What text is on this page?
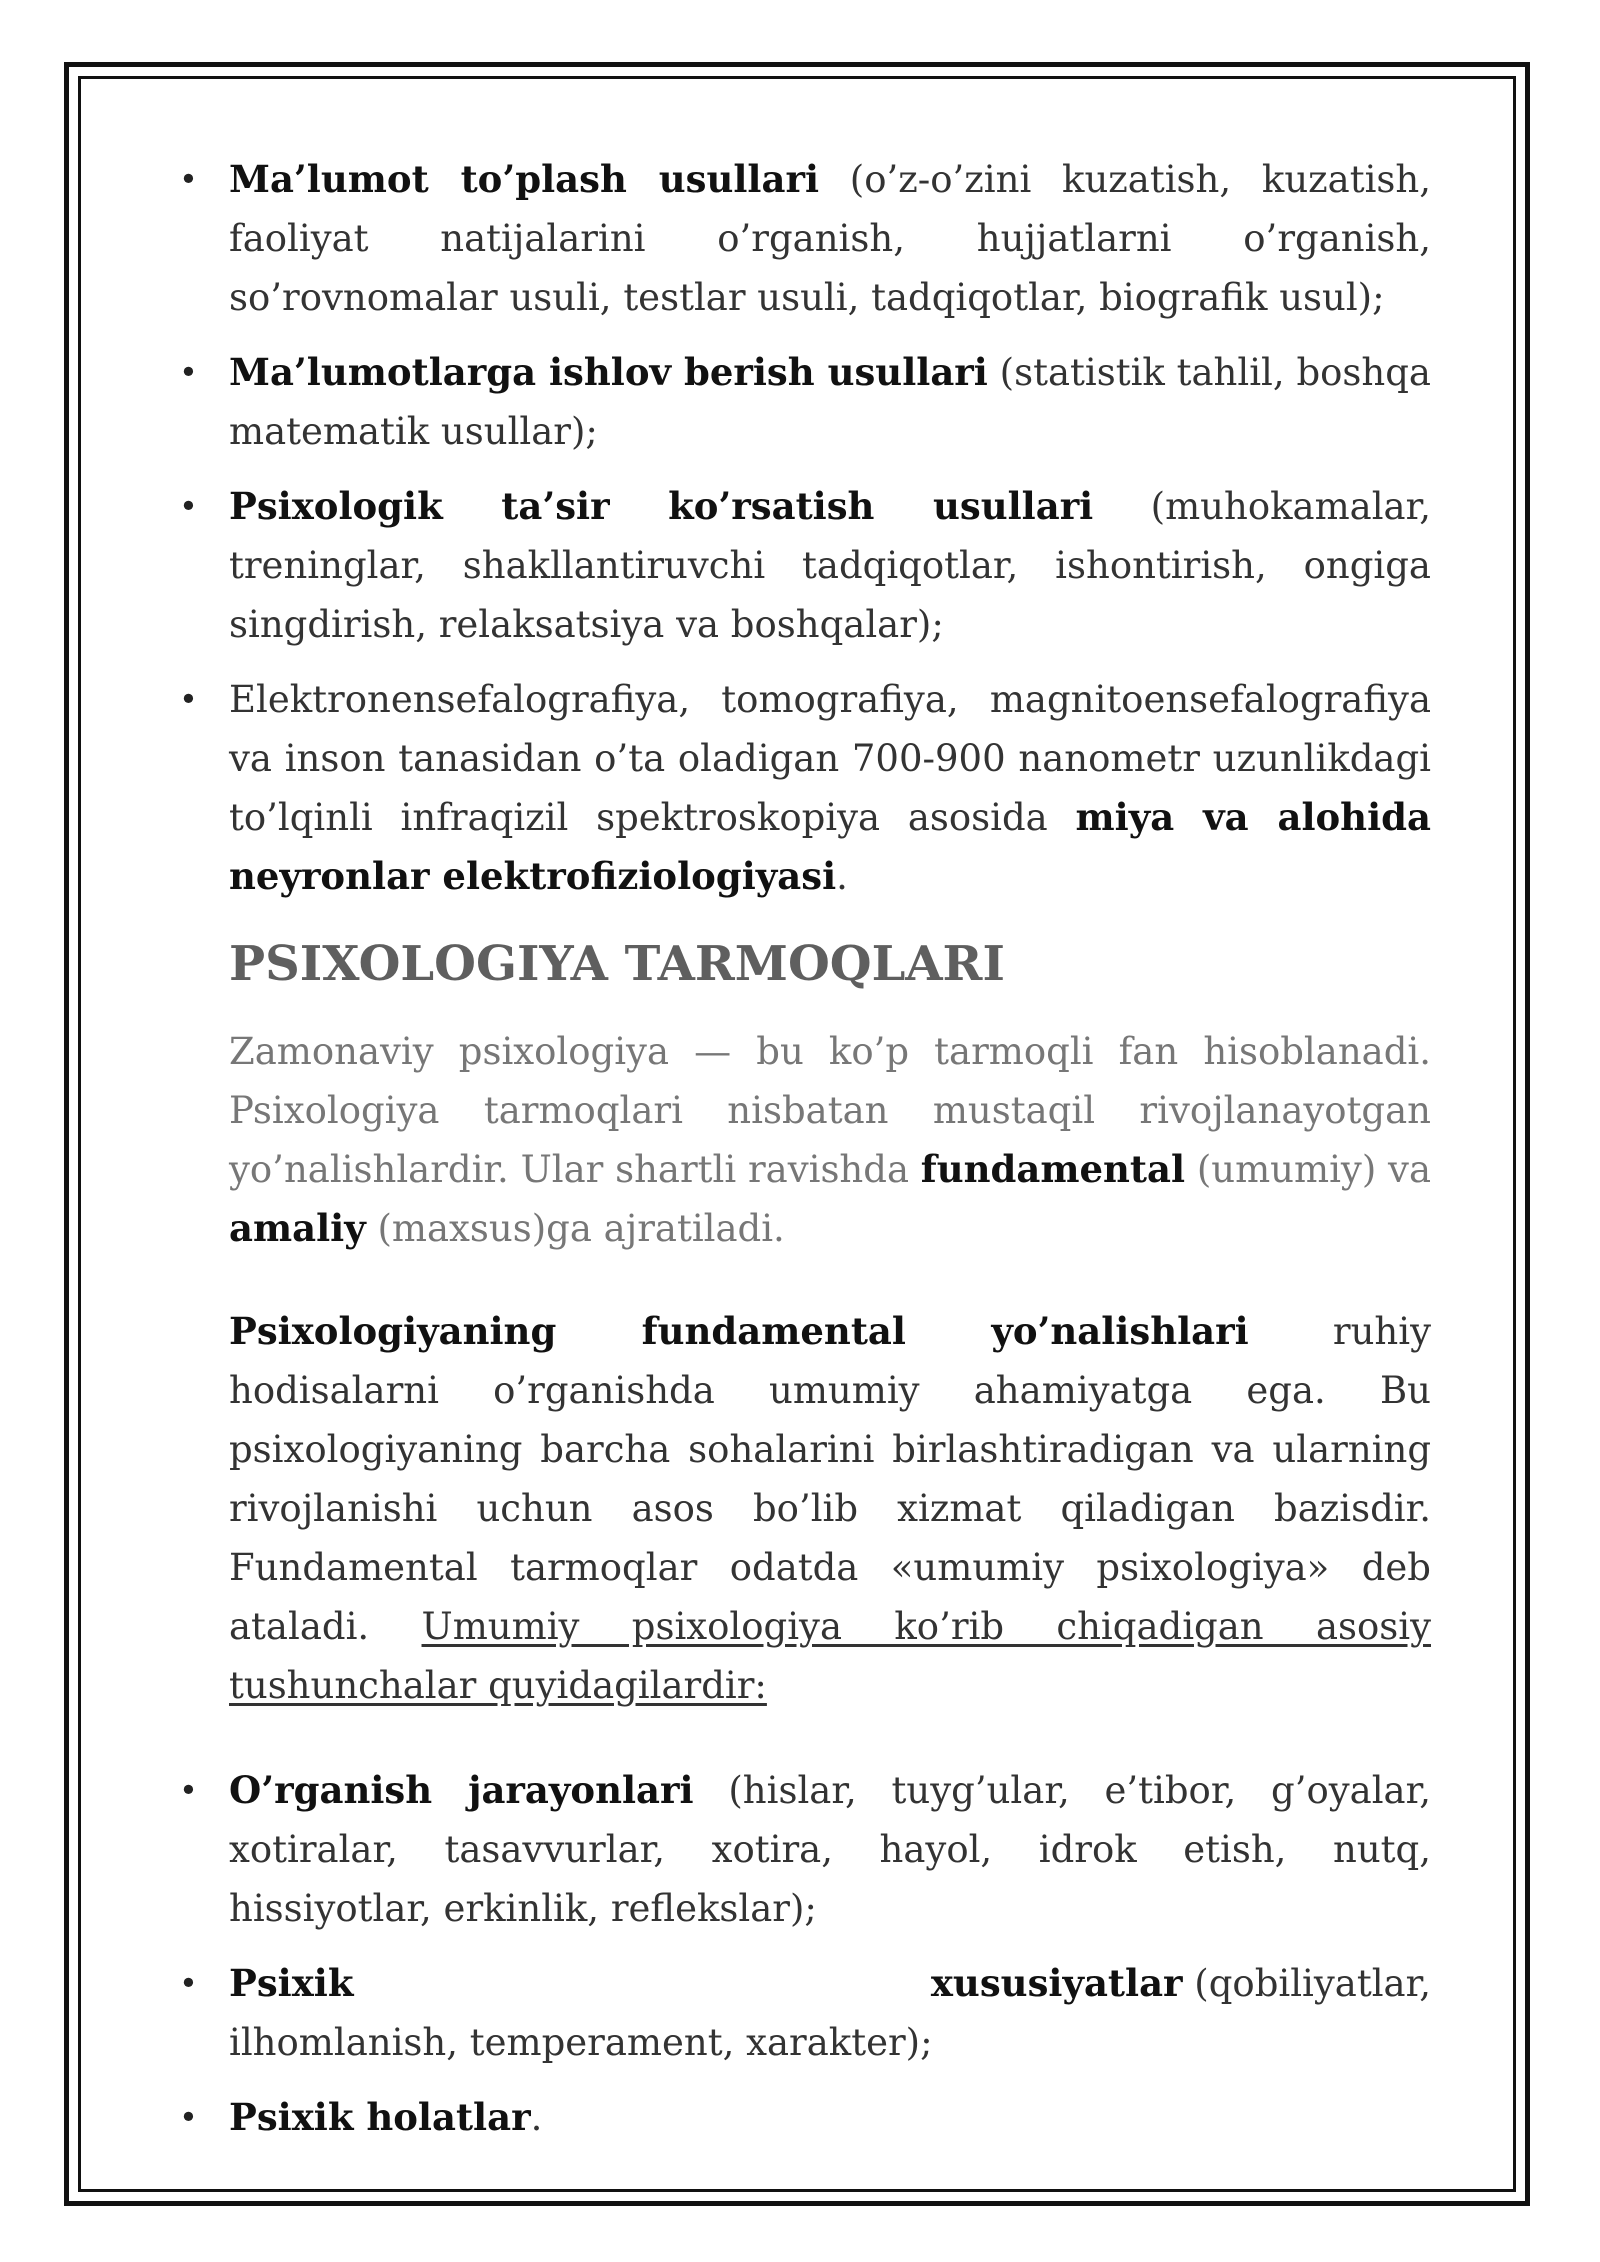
• Ma’lumot to’plash usullari (o’z-o’zini kuzatish, kuzatish, faoliyat natijalarini o’rganish, hujjatlarni o’rganish, so’rovnomalar usuli, testlar usuli, tadqiqotlar, biografik usul);
• Ma’lumotlarga ishlov berish usullari (statistik tahlil, boshqa matematik usullar);
• Psixologik ta’sir ko’rsatish usullari (muhokamalar, treninglar, shakllantiruvchi tadqiqotlar, ishontirish, ongiga singdirish, relaksatsiya va boshqalar);
• Elektronensefalografiya, tomografiya, magnitoensefalografiya va inson tanasidan o’ta oladigan 700-900 nanometr uzunlikdagi to’lqinli infraqizil spektroskopiya asosida miya va alohida neyronlar elektrofiziologiyasi.
PSIXOLOGIYA TARMOQLARI

Zamonaviy psixologiya — bu ko’p tarmoqli fan hisoblanadi. Psixologiya tarmoqlari nisbatan mustaqil rivojlanayotgan yo’nalishlardir. Ular shartli ravishda fundamental (umumiy) va amaliy (maxsus)ga ajratiladi.

Psixologiyaning fundamental yo’nalishlari ruhiy hodisalarni o’rganishda umumiy ahamiyatga ega. Bu psixologiyaning barcha sohalarini birlashtiradigan va ularning rivojlanishi uchun asos bo’lib xizmat qiladigan bazisdir. Fundamental tarmoqlar odatda «umumiy psixologiya» deb ataladi. Umumiy psixologiya ko’rib chiqadigan asosiy tushunchalar quyidagilardir:

• O’rganish jarayonlari (hislar, tuyg’ular, e’tibor, g’oyalar, xotiralar, tasavvurlar, xotira, hayol, idrok etish, nutq, hissiyotlar, erkinlik, reflekslar);
• Psixik	xususiyatlar (qobiliyatlar,
ilhomlanish, temperament, xarakter);
• Psixik holatlar.
